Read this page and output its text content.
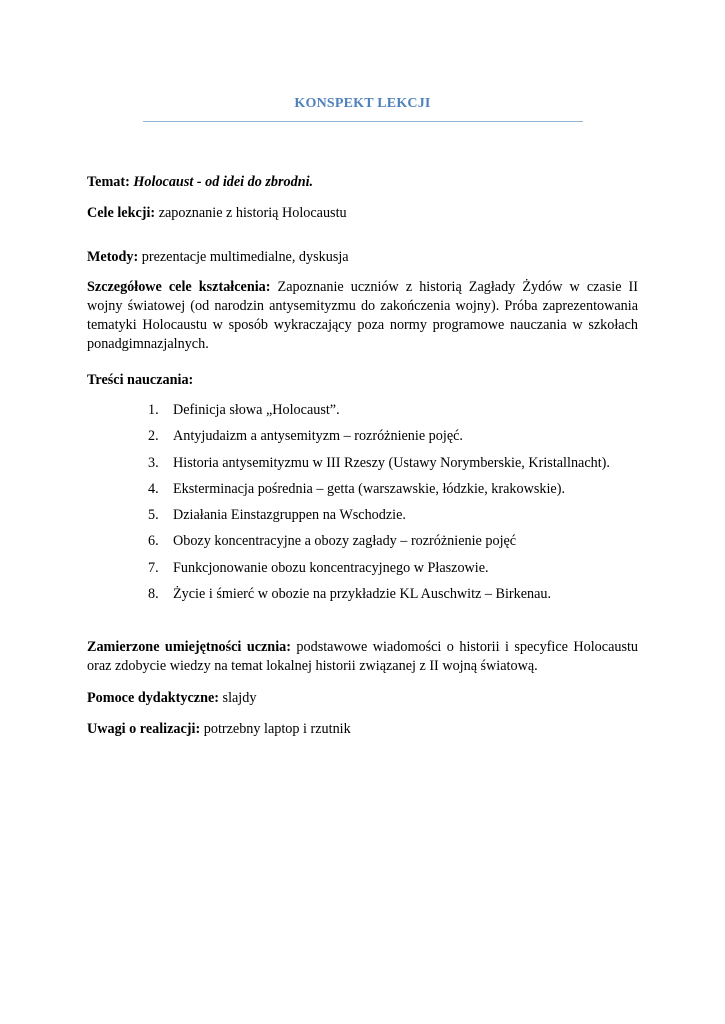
KONSPEKT LEKCJI
Temat: Holocaust - od idei do zbrodni.
Cele lekcji: zapoznanie z historią Holocaustu
Metody: prezentacje multimedialne, dyskusja
Szczegółowe cele kształcenia: Zapoznanie uczniów z historią Zagłady Żydów w czasie II wojny światowej (od narodzin antysemityzmu do zakończenia wojny). Próba zaprezentowania tematyki Holocaustu w sposób wykraczający poza normy programowe nauczania w szkołach ponadgimnazjalnych.
Treści nauczania:
1.	Definicja słowa „Holocaust”.
2.	Antyjudaizm a antysemityzm – rozróżnienie pojęć.
3.	Historia antysemityzmu w III Rzeszy (Ustawy Norymberskie, Kristallnacht).
4.	Eksterminacja pośrednia – getta (warszawskie, łódzkie, krakowskie).
5.	Działania Einstazgruppen na Wschodzie.
6.	Obozy koncentracyjne a obozy zagłady – rozróżnienie pojęć
7.	Funkcjonowanie obozu koncentracyjnego w Płaszowie.
8.	Życie i śmierć w obozie na przykładzie KL Auschwitz – Birkenau.
Zamierzone umiejętności ucznia: podstawowe wiadomości o historii i specyfice Holocaustu oraz zdobycie wiedzy na temat lokalnej historii związanej z II wojną światową.
Pomoce dydaktyczne: slajdy
Uwagi o realizacji: potrzebny laptop i rzutnik
